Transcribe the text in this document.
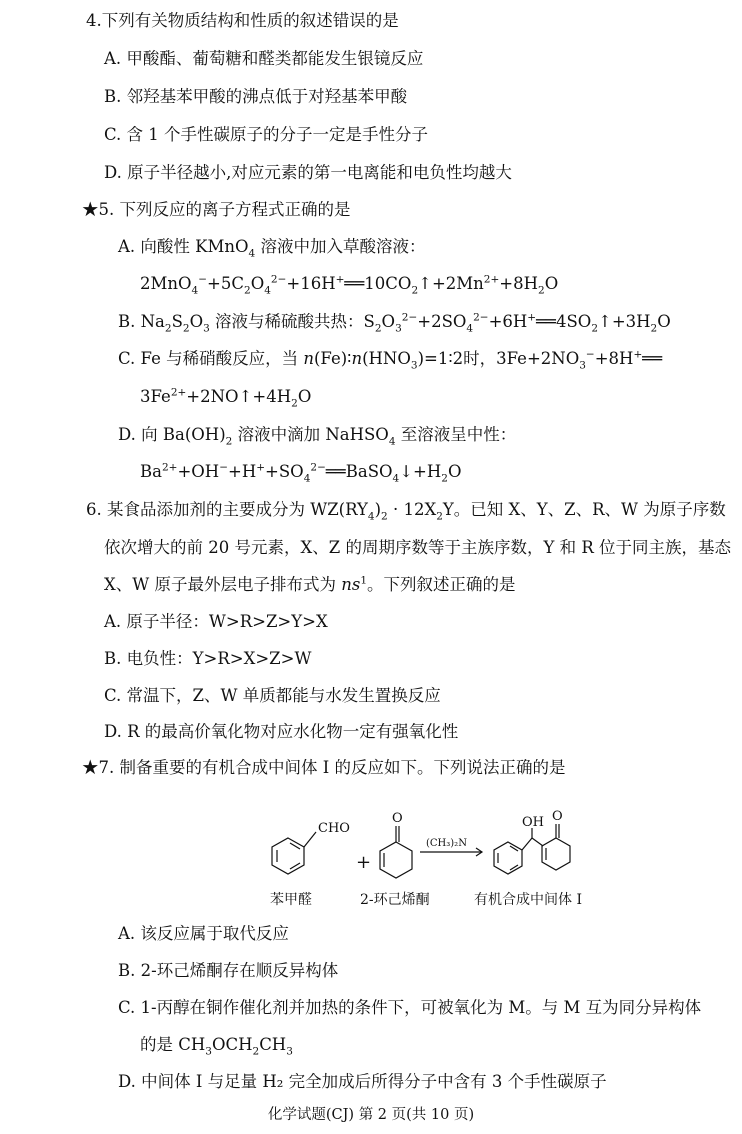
4.下列有关物质结构和性质的叙述错误的是
A. 甲酸酯、葡萄糖和醛类都能发生银镜反应
B. 邻羟基苯甲酸的沸点低于对羟基苯甲酸
C. 含 1 个手性碳原子的分子一定是手性分子
D. 原子半径越小,对应元素的第一电离能和电负性均越大
★5. 下列反应的离子方程式正确的是
A. 向酸性 KMnO$_4$ 溶液中加入草酸溶液：
$2MnO_4^-+5C_2O_4^{2-}+16H^+══10CO_2↑+2Mn^{2+}+8H_2O$
B. $Na_2S_2O_3$ 溶液与稀硫酸共热：$S_2O_3^{2-}+2SO_4^{2-}+6H^+══4SO_2↑+3H_2O$
C. Fe 与稀硝酸反应，当 $n(Fe)∶n(HNO_3)=1∶2$时，$3Fe+2NO_3^-+8H^+══$
$3Fe^{2+}+2NO↑+4H_2O$
D. 向 $Ba(OH)_2$ 溶液中滴加 NaHSO$_4$ 至溶液呈中性：
$Ba^{2+}+OH^-+H^++SO_4^{2-}══BaSO_4↓+H_2O$
6. 某食品添加剂的主要成分为 $WZ(RY_4)_2 \cdot 12X_2Y$。已知 X、Y、Z、R、W 为原子序数
依次增大的前 20 号元素，X、Z 的周期序数等于主族序数，Y 和 R 位于同主族，基态
X、W 原子最外层电子排布式为 $ns^1$。下列叙述正确的是
A. 原子半径：W>R>Z>Y>X
B. 电负性：Y>R>X>Z>W
C. 常温下，Z、W 单质都能与水发生置换反应
D. R 的最高价氧化物对应水化物一定有强氧化性
★7. 制备重要的有机合成中间体 Ⅰ 的反应如下。下列说法正确的是
CHO
+
O
(CH₃)₂N
OH O
苯甲醛	2-环己烯酮	有机合成中间体 Ⅰ
A. 该反应属于取代反应
B. 2-环己烯酮存在顺反异构体
C. 1-丙醇在铜作催化剂并加热的条件下，可被氧化为 M。与 M 互为同分异构体
的是 $CH_3OCH_2CH_3$
D. 中间体 Ⅰ 与足量 H₂ 完全加成后所得分子中含有 3 个手性碳原子
化学试题(CJ) 第 2 页(共 10 页)
